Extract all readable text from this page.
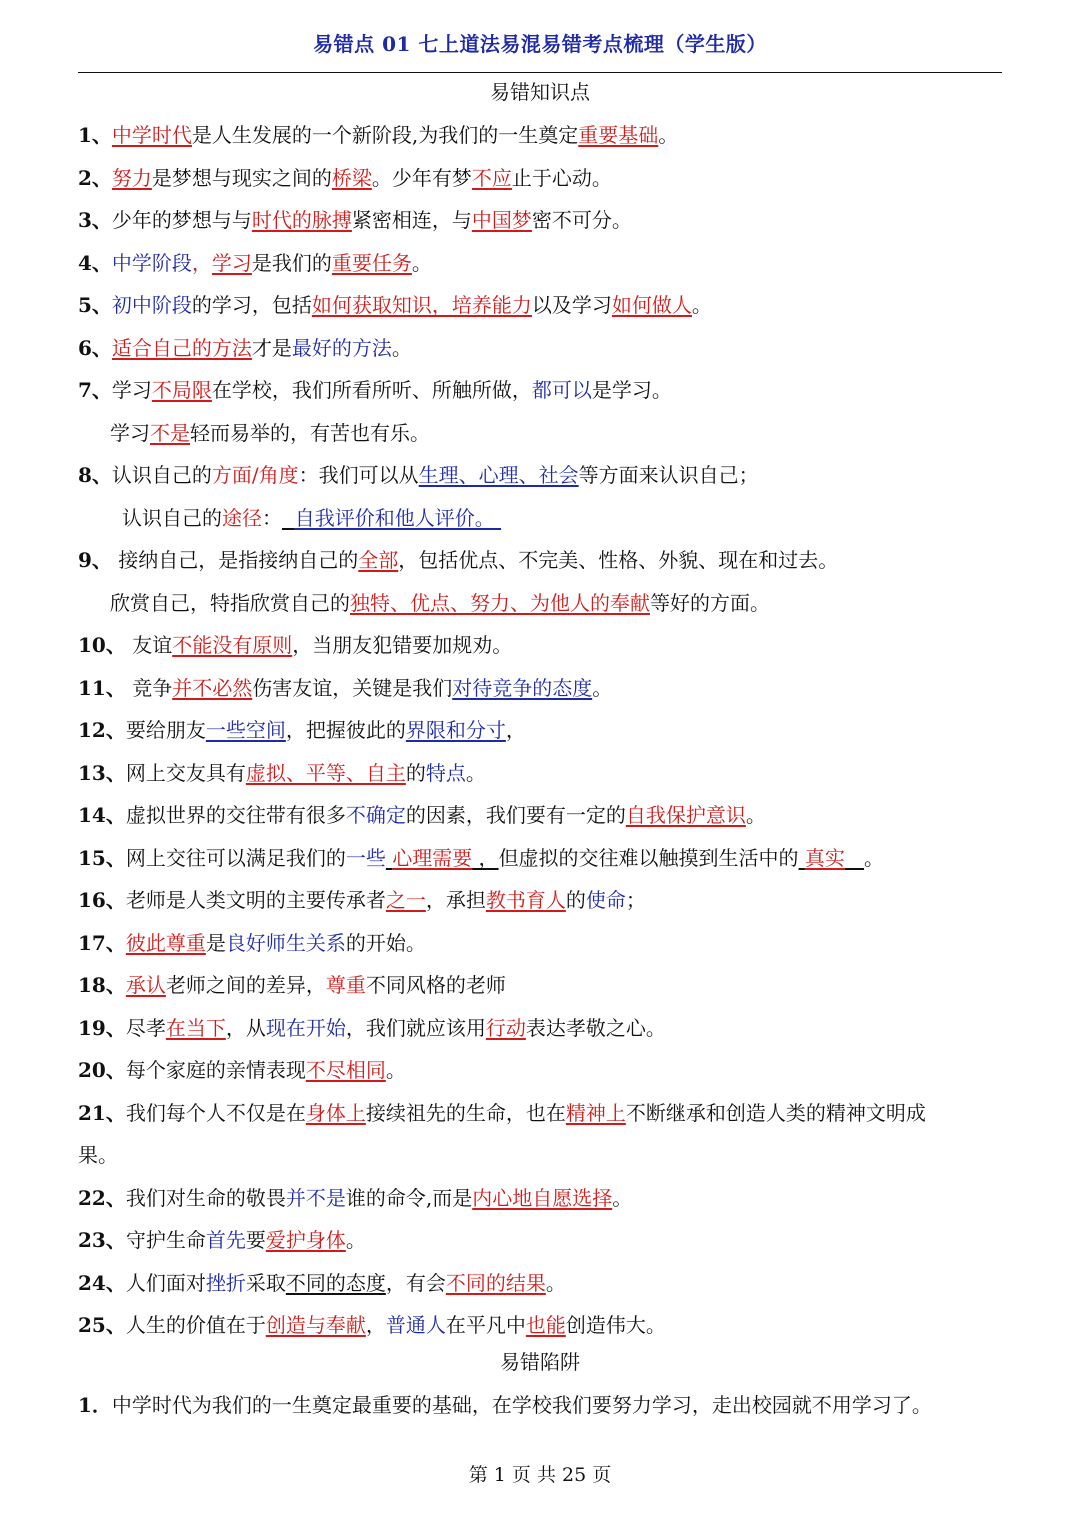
易错点 01 七上道法易混易错考点梳理（学生版）
易错知识点
1、中学时代是人生发展的一个新阶段,为我们的一生奠定重要基础。
2、努力是梦想与现实之间的桥梁。少年有梦不应止于心动。
3、少年的梦想与与时代的脉搏紧密相连，与中国梦密不可分。
4、中学阶段，学习是我们的重要任务。
5、初中阶段的学习，包括如何获取知识，培养能力以及学习如何做人。
6、适合自己的方法才是最好的方法。
7、学习不局限在学校，我们所看所听、所触所做，都可以是学习。
学习不是轻而易举的，有苦也有乐。
8、认识自己的方面/角度：我们可以从生理、心理、社会等方面来认识自己；
认识自己的途径： 自我评价和他人评价。
9、 接纳自己，是指接纳自己的全部，包括优点、不完美、性格、外貌、现在和过去。
欣赏自己，特指欣赏自己的独特、优点、努力、为他人的奉献等好的方面。
10、 友谊不能没有原则，当朋友犯错要加规劝。
11、 竞争并不必然伤害友谊，关键是我们对待竞争的态度。
12、要给朋友一些空间，把握彼此的界限和分寸，
13、网上交友具有虚拟、平等、自主的特点。
14、虚拟世界的交往带有很多不确定的因素，我们要有一定的自我保护意识。
15、网上交往可以满足我们的一些 心理需要 ，但虚拟的交往难以触摸到生活中的 真实 。
16、老师是人类文明的主要传承者之一，承担教书育人的使命；
17、彼此尊重是良好师生关系的开始。
18、承认老师之间的差异，尊重不同风格的老师
19、尽孝在当下，从现在开始，我们就应该用行动表达孝敬之心。
20、每个家庭的亲情表现不尽相同。
21、我们每个人不仅是在身体上接续祖先的生命，也在精神上不断继承和创造人类的精神文明成
果。
22、我们对生命的敬畏并不是谁的命令,而是内心地自愿选择。
23、守护生命首先要爱护身体。
24、人们面对挫折采取不同的态度，有会不同的结果。
25、人生的价值在于创造与奉献，普通人在平凡中也能创造伟大。
易错陷阱
1．中学时代为我们的一生奠定最重要的基础，在学校我们要努力学习，走出校园就不用学习了。
第 1 页 共 25 页
